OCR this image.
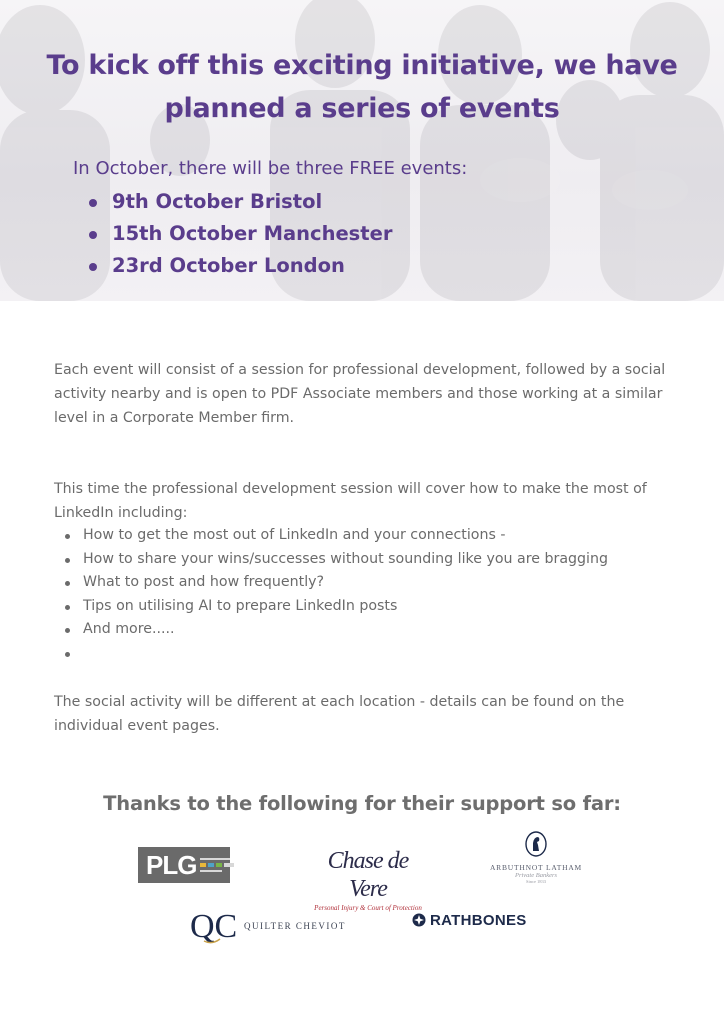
To kick off this exciting initiative, we have planned a series of events

In October, there will be three FREE events:

9th October Bristol
15th October Manchester
23rd October London

Each event will consist of a session for professional development, followed by a social activity nearby and is open to PDF Associate members and those working at a similar level in a Corporate Member firm.

This time the professional development session will cover how to make the most of LinkedIn including:

How to get the most out of LinkedIn and your connections -
How to share your wins/successes without sounding like you are bragging
What to post and how frequently?
Tips on utilising AI to prepare LinkedIn posts
And more.....

The social activity will be different at each location - details can be found on the individual event pages.

Thanks to the following for their support so far:
PLG	Chase de Vere
Personal Injury & Court of Protection
ARBUTHNOT LATHAM
Private Bankers
Since 1833
QC QUILTER CHEVIOT	RATHBONES
